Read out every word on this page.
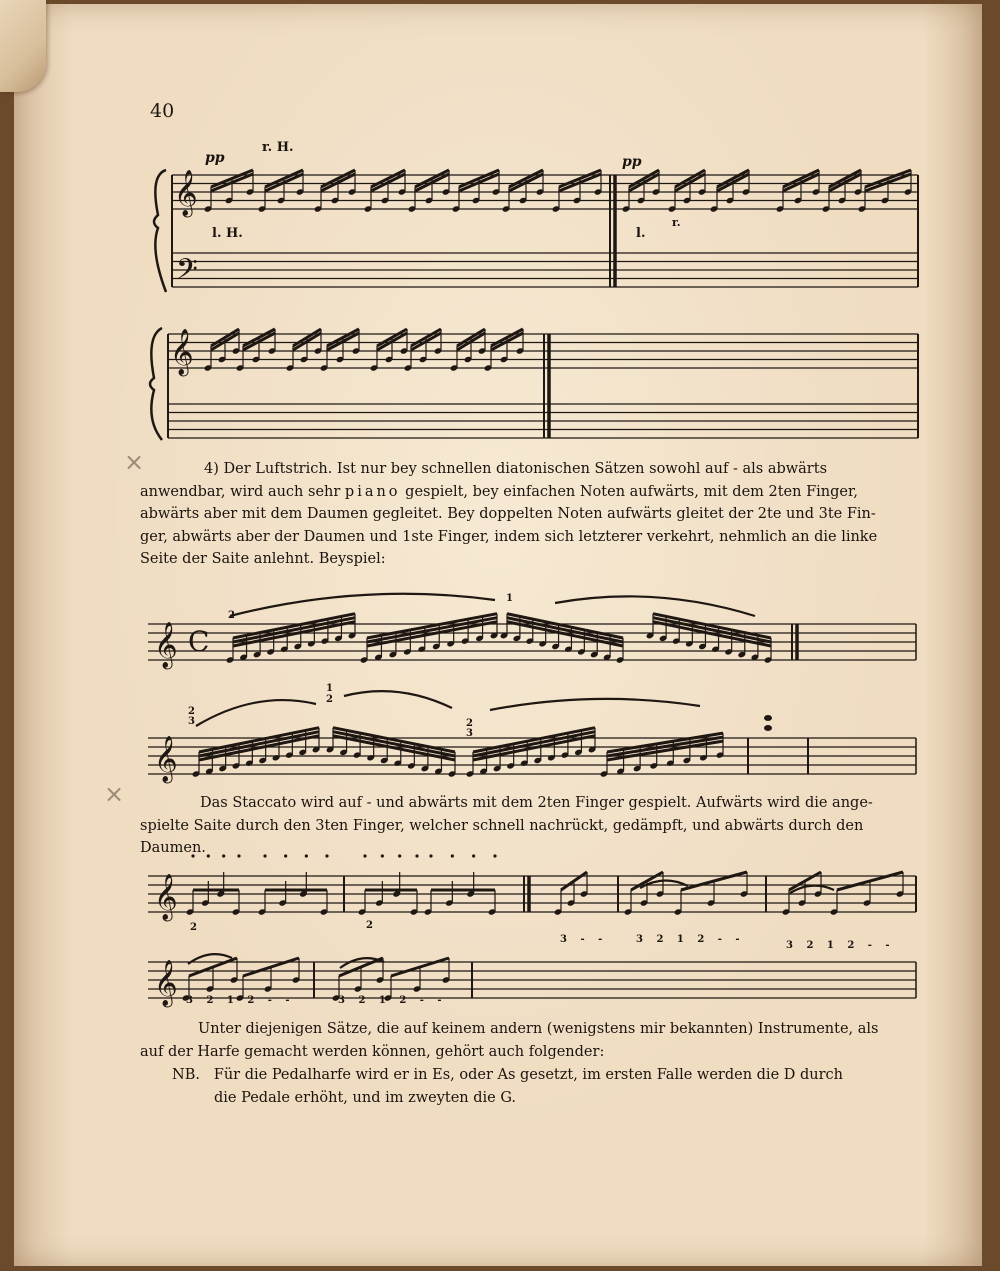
40
𝄞
𝄢
𝄞
𝄞 C
𝄞
𝄞
𝄞
pp
r. H.
l. H.
pp
l.
r.
4) Der Luftstrich. Ist nur bey schnellen diatonischen Sätzen sowohl auf - als abwärts
anwendbar, wird auch sehr piano gespielt, bey einfachen Noten aufwärts, mit dem 2ten Finger,
abwärts aber mit dem Daumen gegleitet. Bey doppelten Noten aufwärts gleitet der 2te und 3te Fin-
ger, abwärts aber der Daumen und 1ste Finger, indem sich letzterer verkehrt, nehmlich an die linke
Seite der Saite anlehnt. Beyspiel:
Das Staccato wird auf - und abwärts mit dem 2ten Finger gespielt. Aufwärts wird die ange-
spielte Saite durch den 3ten Finger, welcher schnell nachrückt, gedämpft, und abwärts durch den
Daumen.
2	2
3 - -	3 2 1 2 - -
3 2 1 2 - -
3 2 1 2 - -	3 2 1 2 - -
1
2
1
2
2
3	2
3
Unter diejenigen Sätze, die auf keinem andern (wenigstens mir bekannten) Instrumente, als
auf der Harfe gemacht werden können, gehört auch folgender:
NB. Für die Pedalharfe wird er in Es, oder As gesetzt, im ersten Falle werden die D durch
die Pedale erhöht, und im zweyten die G.
×
×
